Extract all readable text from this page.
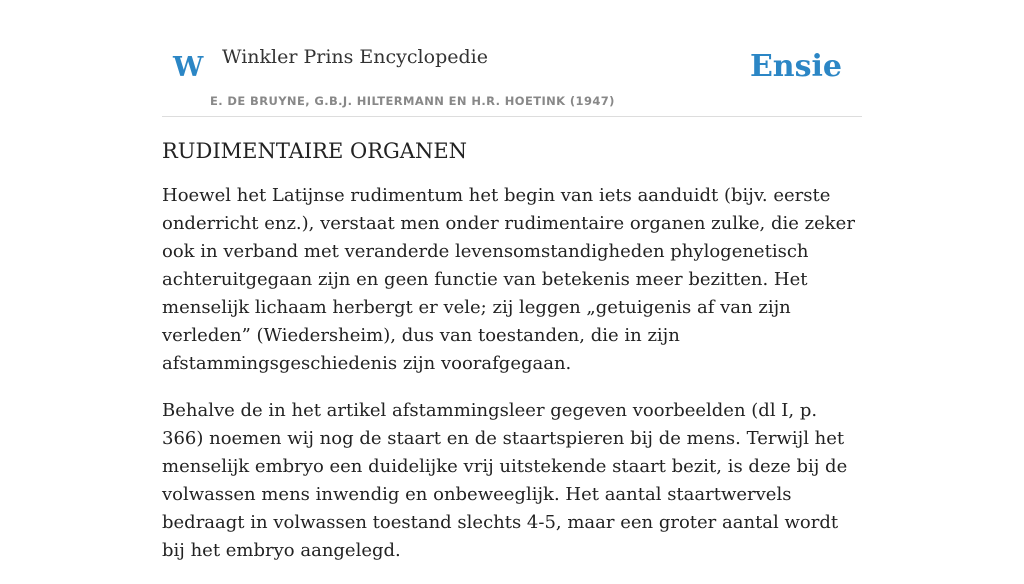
W Winkler Prins Encyclopedie
E. DE BRUYNE, G.B.J. HILTERMANN EN H.R. HOETINK (1947)
Ensie
RUDIMENTAIRE ORGANEN

Hoewel het Latijnse rudimentum het begin van iets aanduidt (bijv. eerste onderricht enz.), verstaat men onder rudimentaire organen zulke, die zeker ook in verband met veranderde levensomstandigheden phylogenetisch achteruitgegaan zijn en geen functie van betekenis meer bezitten. Het menselijk lichaam herbergt er vele; zij leggen „getuigenis af van zijn verleden” (Wiedersheim), dus van toestanden, die in zijn afstammingsgeschiedenis zijn voorafgegaan.

Behalve de in het artikel afstammingsleer gegeven voorbeelden (dl I, p. 366) noemen wij nog de staart en de staartspieren bij de mens. Terwijl het menselijk embryo een duidelijke vrij uitstekende staart bezit, is deze bij de volwassen mens inwendig en onbeweeglijk. Het aantal staartwervels bedraagt in volwassen toestand slechts 4-5, maar een groter aantal wordt bij het embryo aangelegd.
